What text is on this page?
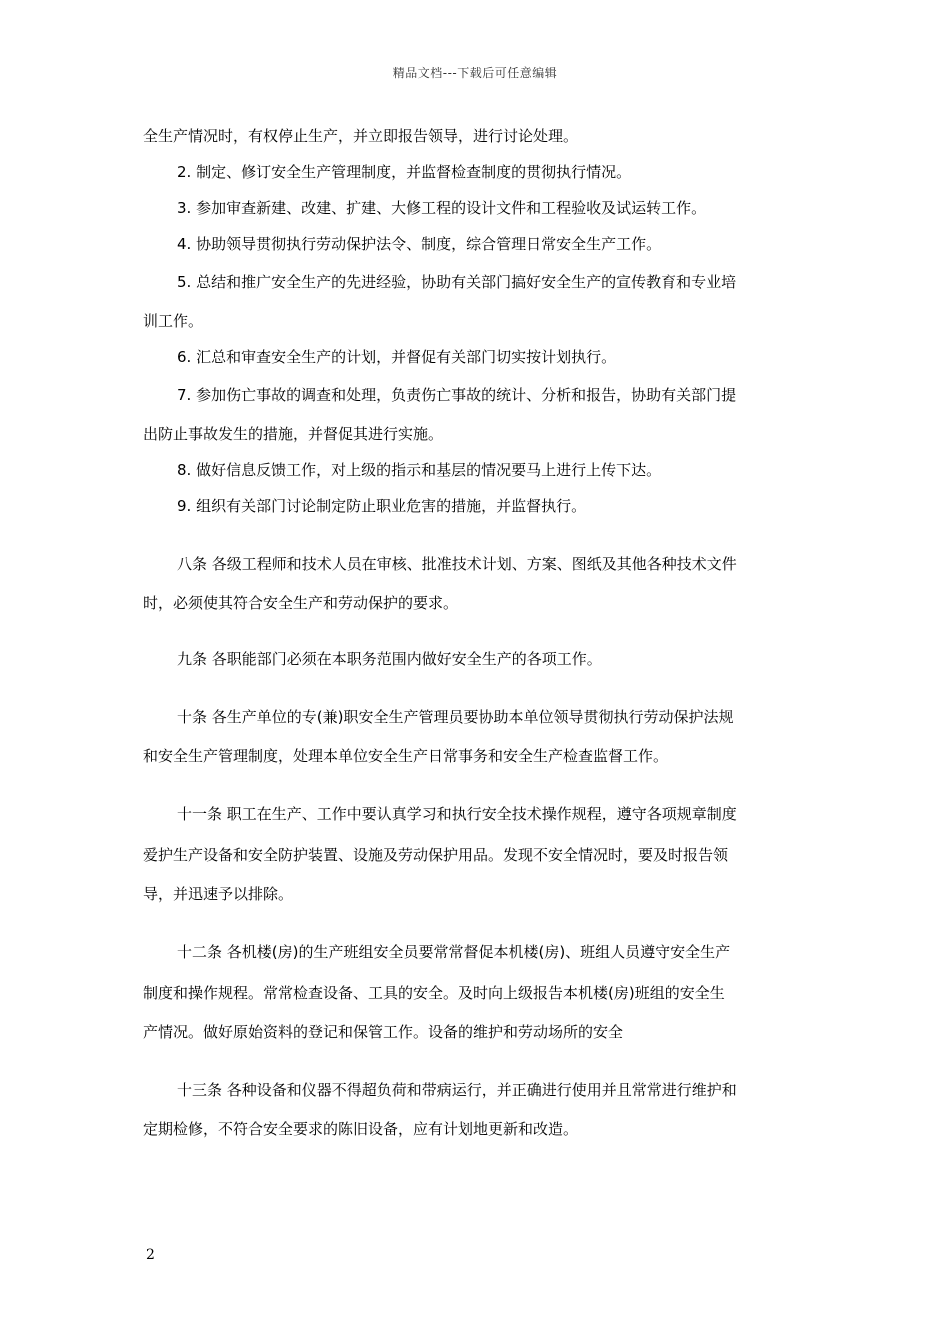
精品文档---下载后可任意编辑
全生产情况时，有权停止生产，并立即报告领导，进行讨论处理。
2. 制定、修订安全生产管理制度，并监督检查制度的贯彻执行情况。
3. 参加审查新建、改建、扩建、大修工程的设计文件和工程验收及试运转工作。
4. 协助领导贯彻执行劳动保护法令、制度，综合管理日常安全生产工作。
5. 总结和推广安全生产的先进经验，协助有关部门搞好安全生产的宣传教育和专业培
训工作。
6. 汇总和审查安全生产的计划，并督促有关部门切实按计划执行。
7. 参加伤亡事故的调查和处理，负责伤亡事故的统计、分析和报告，协助有关部门提
出防止事故发生的措施，并督促其进行实施。
8. 做好信息反馈工作，对上级的指示和基层的情况要马上进行上传下达。
9. 组织有关部门讨论制定防止职业危害的措施，并监督执行。
八条 各级工程师和技术人员在审核、批准技术计划、方案、图纸及其他各种技术文件
时，必须使其符合安全生产和劳动保护的要求。
九条 各职能部门必须在本职务范围内做好安全生产的各项工作。
十条 各生产单位的专(兼)职安全生产管理员要协助本单位领导贯彻执行劳动保护法规
和安全生产管理制度，处理本单位安全生产日常事务和安全生产检查监督工作。
十一条 职工在生产、工作中要认真学习和执行安全技术操作规程，遵守各项规章制度
爱护生产设备和安全防护装置、设施及劳动保护用品。发现不安全情况时，要及时报告领
导，并迅速予以排除。
十二条 各机楼(房)的生产班组安全员要常常督促本机楼(房)、班组人员遵守安全生产
制度和操作规程。常常检查设备、工具的安全。及时向上级报告本机楼(房)班组的安全生
产情况。做好原始资料的登记和保管工作。设备的维护和劳动场所的安全
十三条 各种设备和仪器不得超负荷和带病运行，并正确进行使用并且常常进行维护和
定期检修，不符合安全要求的陈旧设备，应有计划地更新和改造。
2
